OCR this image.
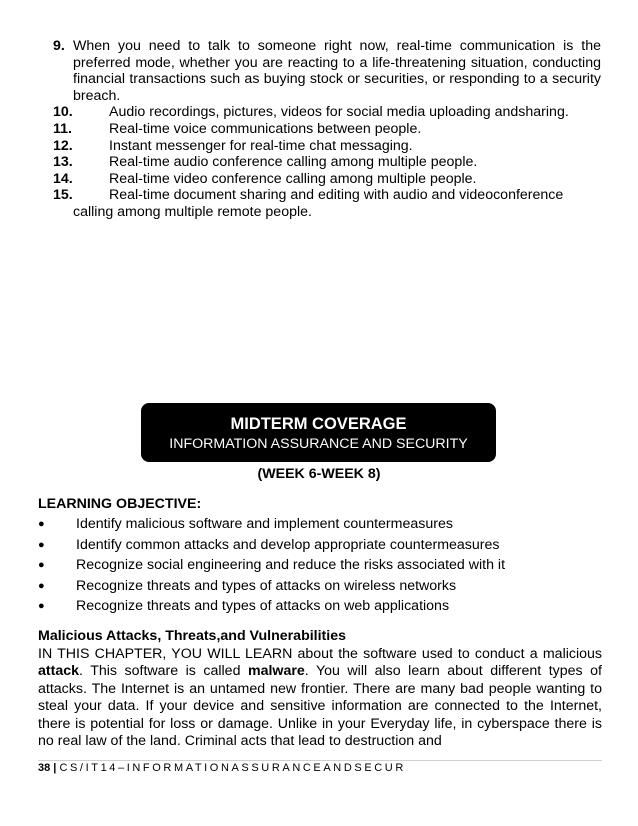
9. When you need to talk to someone right now, real-time communication is the preferred mode, whether you are reacting to a life-threatening situation, conducting financial transactions such as buying stock or securities, or responding to a security breach.
10.	Audio recordings, pictures, videos for social media uploading andsharing.
11.	Real-time voice communications between people.
12.	Instant messenger for real-time chat messaging.
13.	Real-time audio conference calling among multiple people.
14.	Real-time video conference calling among multiple people.
15.	Real-time document sharing and editing with audio and videoconference
calling among multiple remote people.
MIDTERM COVERAGE
INFORMATION ASSURANCE AND SECURITY
(WEEK 6-WEEK 8)
LEARNING OBJECTIVE:
●	Identify malicious software and implement countermeasures
●	Identify common attacks and develop appropriate countermeasures
●	Recognize social engineering and reduce the risks associated with it
●	Recognize threats and types of attacks on wireless networks
●	Recognize threats and types of attacks on web applications
Malicious Attacks, Threats,and Vulnerabilities
IN THIS CHAPTER, YOU WILL LEARN about the software used to conduct a malicious attack. This software is called malware. You will also learn about different types of attacks. The Internet is an untamed new frontier. There are many bad people wanting to steal your data. If your device and sensitive information are connected to the Internet, there is potential for loss or damage. Unlike in your Everyday life, in cyberspace there is no real law of the land. Criminal acts that lead to destruction and
38 | CS/IT14–INFORMATIONASSURANCEANDSECUR
